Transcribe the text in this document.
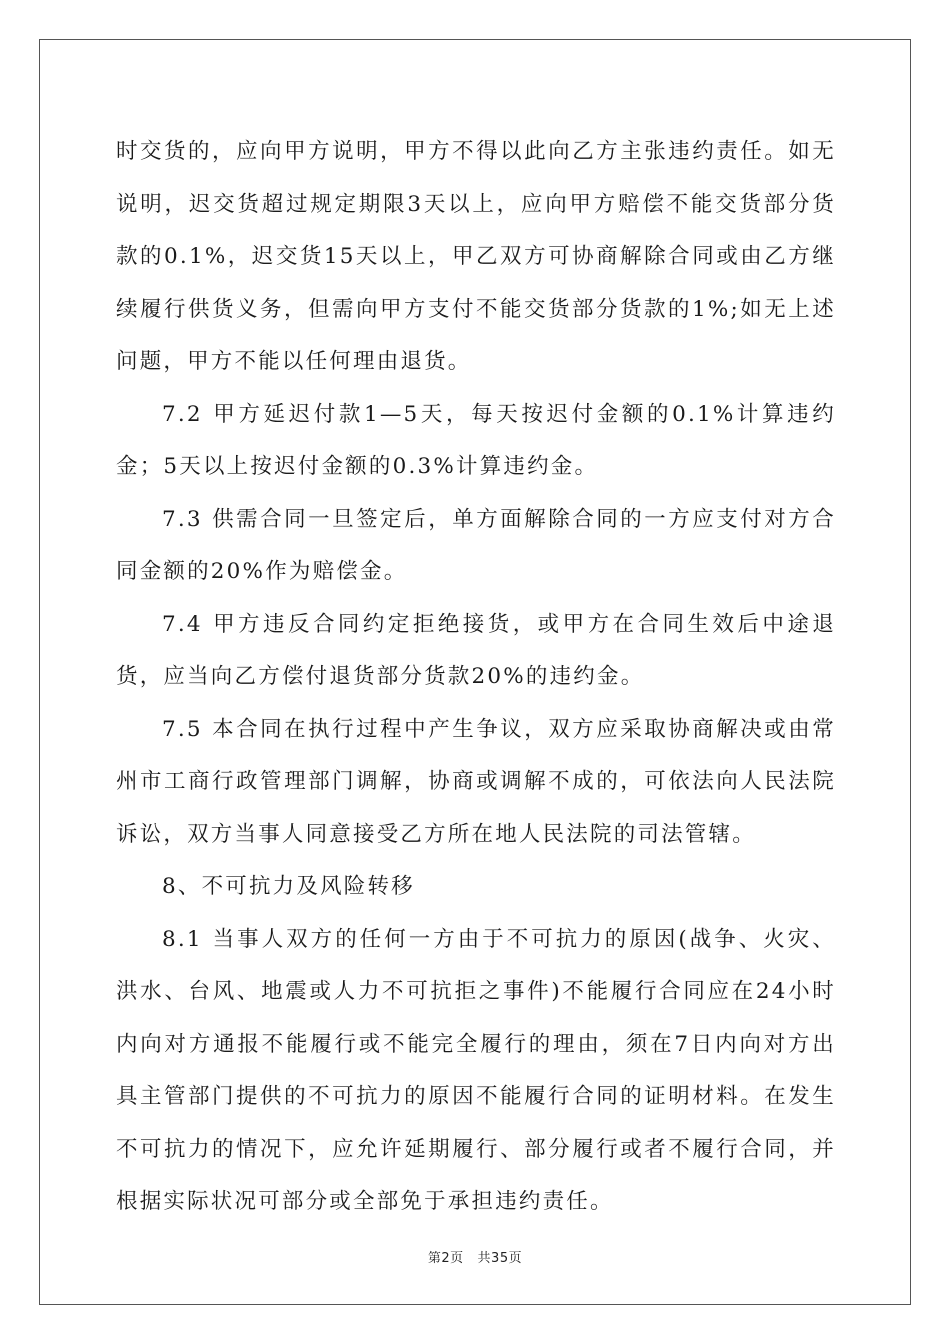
时交货的，应向甲方说明，甲方不得以此向乙方主张违约责任。如无说明，迟交货超过规定期限3天以上，应向甲方赔偿不能交货部分货款的0.1%，迟交货15天以上，甲乙双方可协商解除合同或由乙方继续履行供货义务，但需向甲方支付不能交货部分货款的1%;如无上述问题，甲方不能以任何理由退货。

7.2 甲方延迟付款1—5天，每天按迟付金额的0.1%计算违约金；5天以上按迟付金额的0.3%计算违约金。

7.3 供需合同一旦签定后，单方面解除合同的一方应支付对方合同金额的20%作为赔偿金。

7.4 甲方违反合同约定拒绝接货，或甲方在合同生效后中途退货，应当向乙方偿付退货部分货款20%的违约金。

7.5 本合同在执行过程中产生争议，双方应采取协商解决或由常州市工商行政管理部门调解，协商或调解不成的，可依法向人民法院诉讼，双方当事人同意接受乙方所在地人民法院的司法管辖。

8、不可抗力及风险转移

8.1 当事人双方的任何一方由于不可抗力的原因(战争、火灾、洪水、台风、地震或人力不可抗拒之事件)不能履行合同应在24小时内向对方通报不能履行或不能完全履行的理由，须在7日内向对方出具主管部门提供的不可抗力的原因不能履行合同的证明材料。在发生不可抗力的情况下，应允许延期履行、部分履行或者不履行合同，并根据实际状况可部分或全部免于承担违约责任。

第2页   共35页
